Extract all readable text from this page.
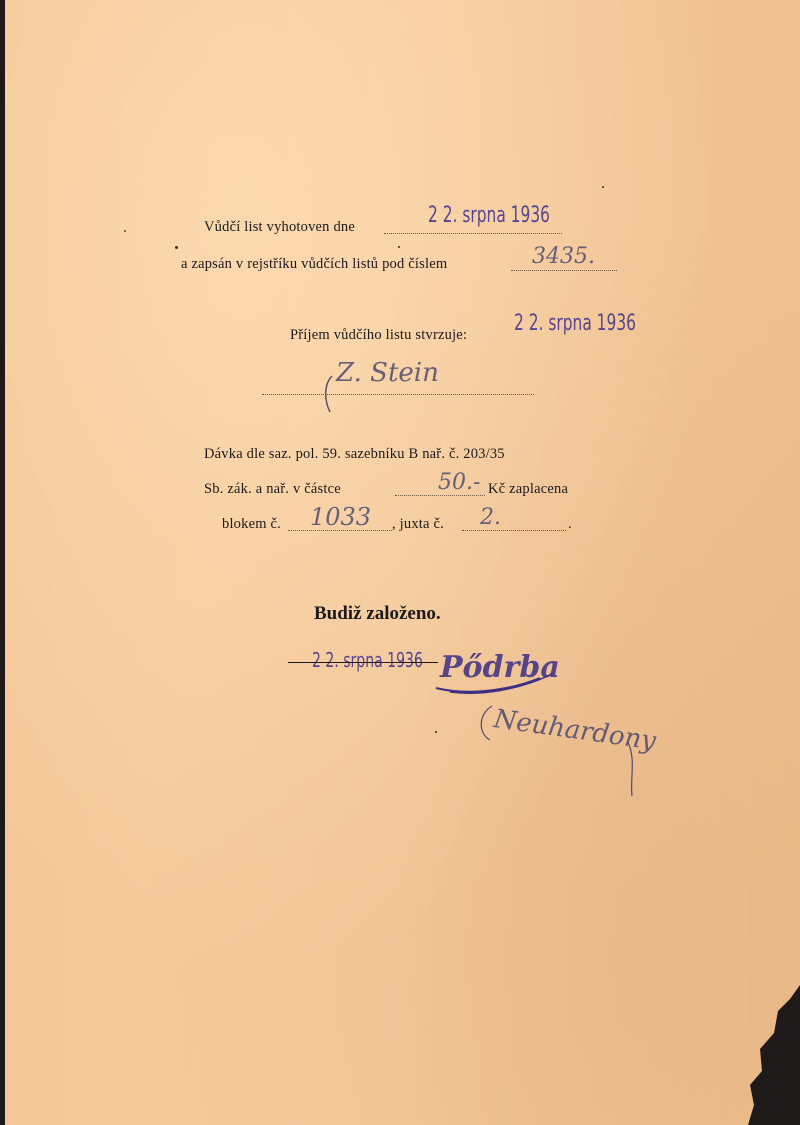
Vůdčí list vyhotoven dne	2 2. srpna 1936
a zapsán v rejstříku vůdčích listů pod číslem	3435.
Příjem vůdčího listu stvrzuje: 2 2. srpna 1936
Z. Stein
Dávka dle saz. pol. 59. sazebníku B nař. č. 203/35
Sb. zák. a nař. v částce	50.- Kč zaplacena
blokem č. 1033 , juxta č. 2.	.
Budiž založeno.
2 2. srpna 1936 Pődrba
Neuhardony
